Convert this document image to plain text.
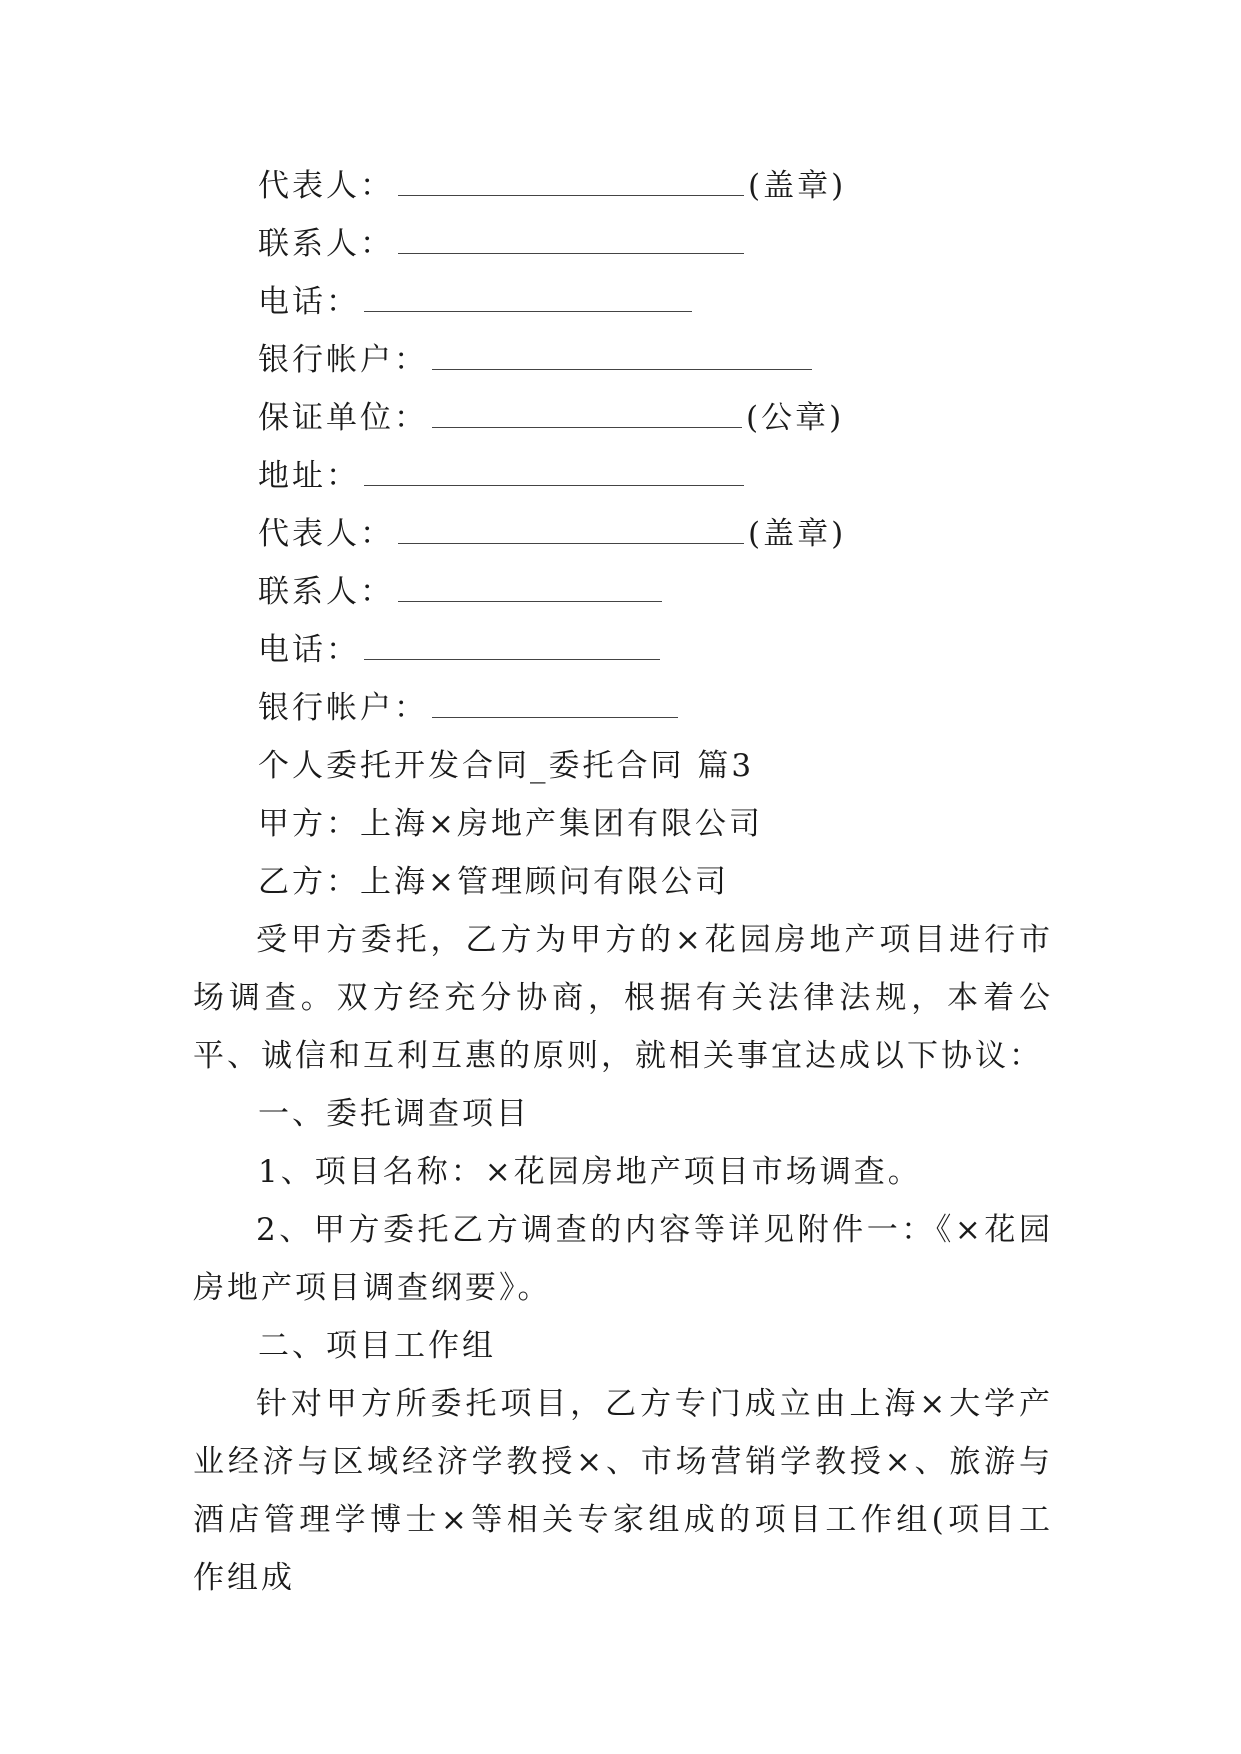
代表人：	(盖章)
联系人：
电话：
银行帐户：
保证单位：	(公章)
地址：
代表人：	(盖章)
联系人：
电话：
银行帐户：
个人委托开发合同_委托合同 篇3
甲方：上海×房地产集团有限公司
乙方：上海×管理顾问有限公司
受甲方委托，乙方为甲方的×花园房地产项目进行市场调查。双方经充分协商，根据有关法律法规，本着公平、诚信和互利互惠的原则，就相关事宜达成以下协议：
一、委托调查项目
1、项目名称：×花园房地产项目市场调查。
2、甲方委托乙方调查的内容等详见附件一：《×花园房地产项目调查纲要》。
二、项目工作组
针对甲方所委托项目，乙方专门成立由上海×大学产业经济与区域经济学教授×、市场营销学教授×、旅游与酒店管理学博士×等相关专家组成的项目工作组(项目工作组成
